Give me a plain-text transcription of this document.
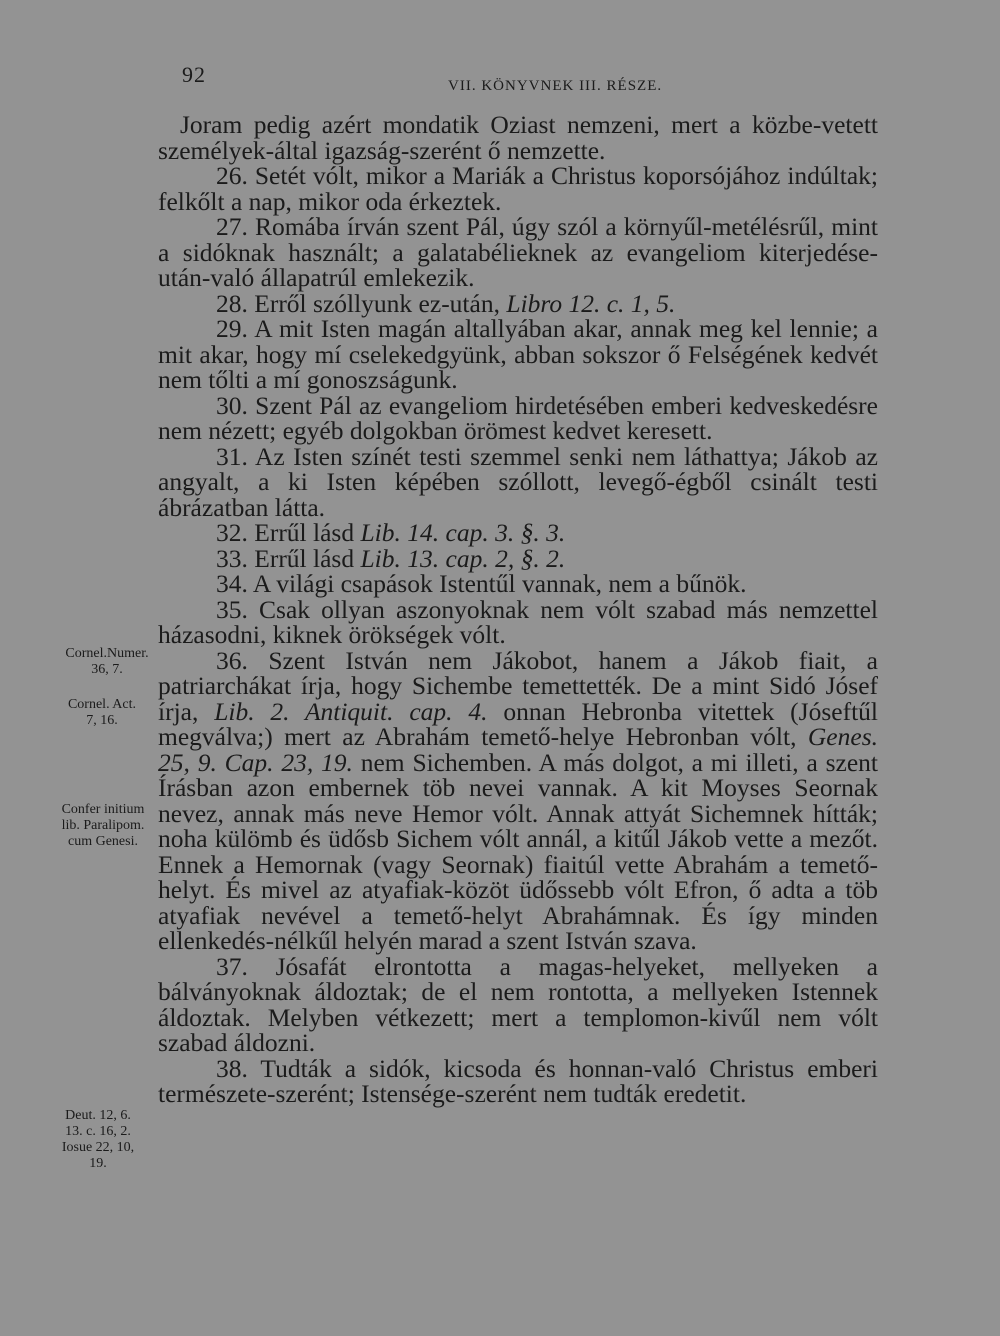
92	VII. KÖNYVNEK III. RÉSZE.

Joram pedig azért mondatik Oziast nemzeni, mert a közbe-vetett személyek-által igazság-szerént ő nemzette.

26. Setét vólt, mikor a Mariák a Christus koporsójához indúltak; felkőlt a nap, mikor oda érkeztek.

27. Romába írván szent Pál, úgy szól a környűl-metélésrűl, mint a sidóknak használt; a galatabélieknek az evangeliom kiterjedése-után-való állapatrúl emlekezik.

28. Erről szóllyunk ez-után, Libro 12. c. 1, 5.

29. A mit Isten magán altallyában akar, annak meg kel lennie; a mit akar, hogy mí cselekedgyünk, abban sokszor ő Felségének kedvét nem tőlti a mí gonoszságunk.

30. Szent Pál az evangeliom hirdetésében emberi kedveskedésre nem nézett; egyéb dolgokban örömest kedvet keresett.

31. Az Isten színét testi szemmel senki nem láthattya; Jákob az angyalt, a ki Isten képében szóllott, levegő-égből csinált testi ábrázatban látta.

32. Errűl lásd Lib. 14. cap. 3. §. 3.

33. Errűl lásd Lib. 13. cap. 2, §. 2.

34. A világi csapások Istentűl vannak, nem a bűnök.

35. Csak ollyan aszonyoknak nem vólt szabad más nemzettel házasodni, kiknek örökségek vólt.

36. Szent István nem Jákobot, hanem a Jákob fiait, a patriarchákat írja, hogy Sichembe temettették. De a mint Sidó Jósef írja, Lib. 2. Antiquit. cap. 4. onnan Hebronba vitettek (Jóseftűl megválva;) mert az Abrahám temető-helye Hebronban vólt, Genes. 25, 9. Cap. 23, 19. nem Sichemben. A más dolgot, a mi illeti, a szent Írásban azon embernek töb nevei vannak. A kit Moyses Seornak nevez, annak más neve Hemor vólt. Annak attyát Sichemnek hítták; noha külömb és üdősb Sichem vólt annál, a kitűl Jákob vette a mezőt. Ennek a Hemornak (vagy Seornak) fiaitúl vette Abrahám a temető-helyt. És mivel az atyafiak-közöt üdőssebb vólt Efron, ő adta a töb atyafiak nevével a temető-helyt Abrahámnak. És így minden ellenkedés-nélkűl helyén marad a szent István szava.

37. Jósafát elrontotta a magas-helyeket, mellyeken a bálványoknak áldoztak; de el nem rontotta, a mellyeken Istennek áldoztak. Melyben vétkezett; mert a templomon-kivűl nem vólt szabad áldozni.

38. Tudták a sidók, kicsoda és honnan-való Christus emberi természete-szerént; Istensége-szerént nem tudták eredetit.

Cornel.Numer.
36, 7.
Cornel. Act.
7, 16.
Confer initium
lib. Paralipom.
cum Genesi.
Deut. 12, 6.
13. c. 16, 2.
Iosue 22, 10,
19.
